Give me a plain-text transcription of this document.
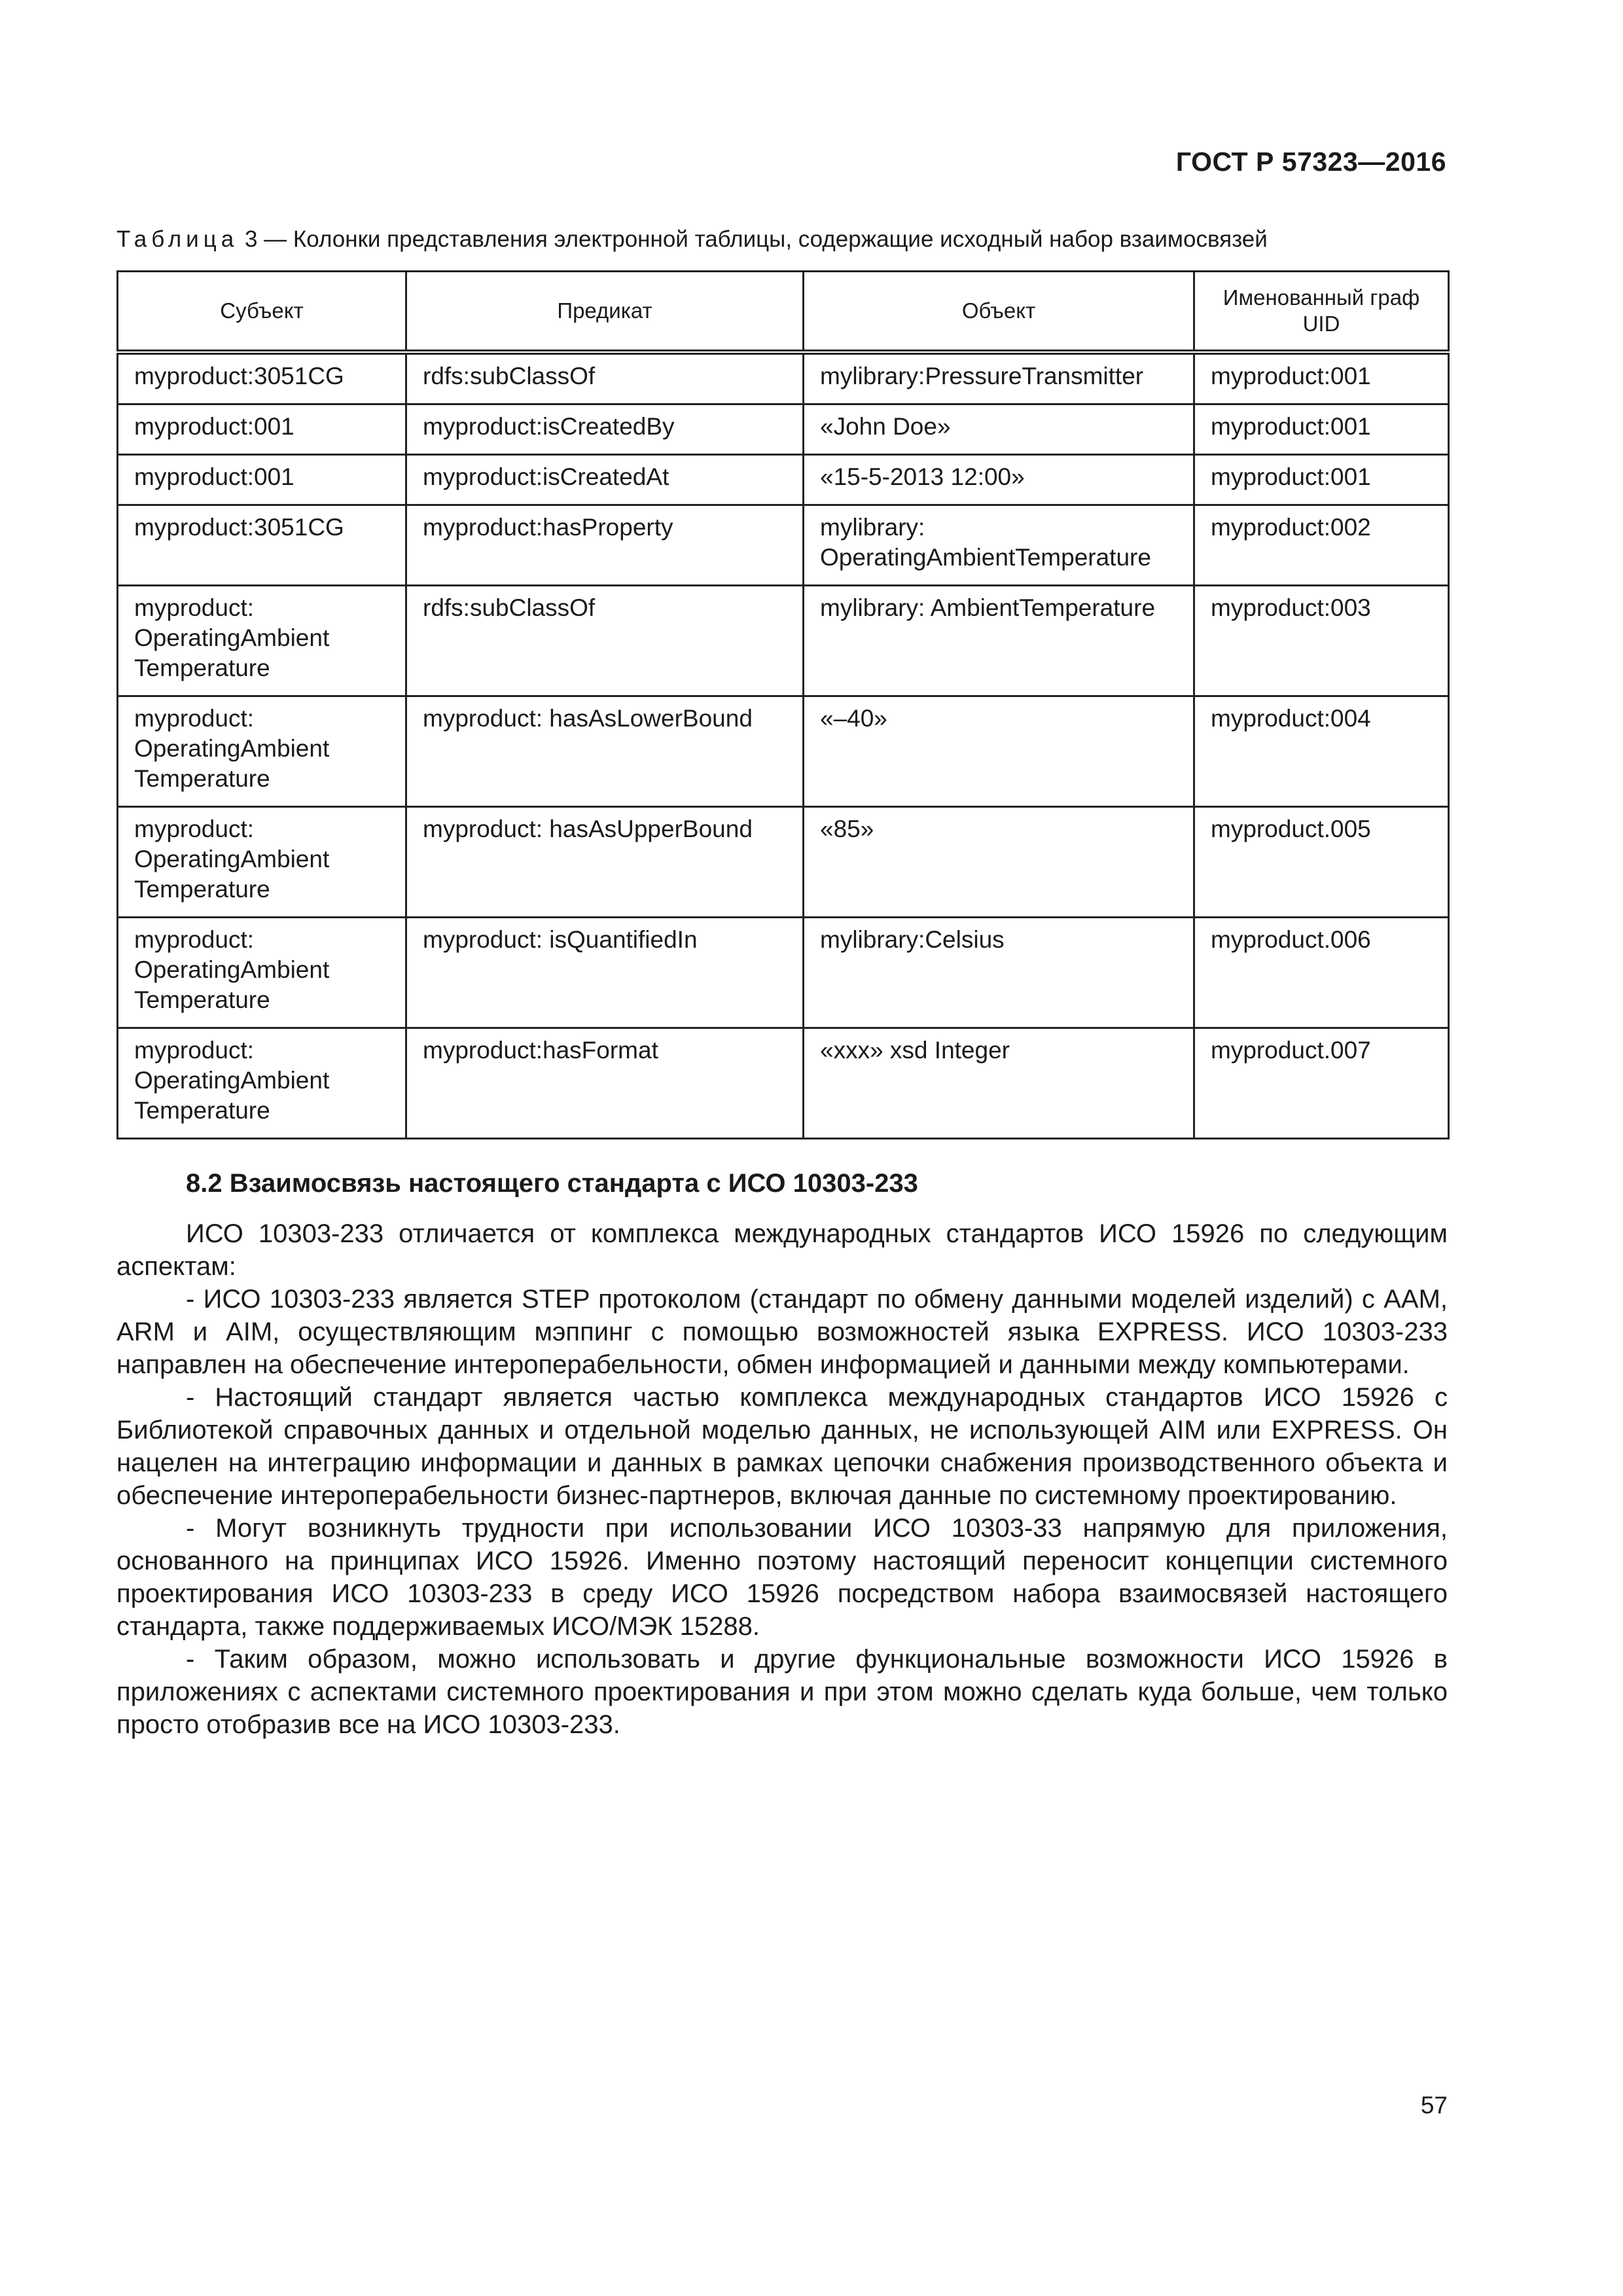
ГОСТ Р 57323—2016
Таблица 3 — Колонки представления электронной таблицы, содержащие исходный набор взаимосвязей
Субъект	Предикат	Объект	Именованный граф UID
myproduct:3051CG	rdfs:subClassOf	mylibrary:PressureTransmitter	myproduct:001
myproduct:001	myproduct:isCreatedBy	«John Doe»	myproduct:001
myproduct:001	myproduct:isCreatedAt	«15-5-2013 12:00»	myproduct:001
myproduct:3051CG	myproduct:hasProperty	mylibrary: OperatingAmbientTemperature	myproduct:002
myproduct: OperatingAmbient Temperature	rdfs:subClassOf	mylibrary: AmbientTemperature	myproduct:003
myproduct: OperatingAmbient Temperature	myproduct: hasAsLowerBound	«–40»	myproduct:004
myproduct: OperatingAmbient Temperature	myproduct: hasAsUpperBound	«85»	myproduct.005
myproduct: OperatingAmbient Temperature	myproduct: isQuantifiedIn	mylibrary:Celsius	myproduct.006
myproduct: OperatingAmbient Temperature	myproduct:hasFormat	«xxx» xsd Integer	myproduct.007
8.2 Взаимосвязь настоящего стандарта с ИСО 10303-233

ИСО 10303-233 отличается от комплекса международных стандартов ИСО 15926 по следующим аспектам:

- ИСО 10303-233 является STEP протоколом (стандарт по обмену данными моделей изделий) с AAM, ARM и AIM, осуществляющим мэппинг с помощью возможностей языка EXPRESS. ИСО 10303-233 направлен на обеспечение интероперабельности, обмен информацией и данными между компьютерами.

- Настоящий стандарт является частью комплекса международных стандартов ИСО 15926 с Библиотекой справочных данных и отдельной моделью данных, не использующей AIM или EXPRESS. Он нацелен на интеграцию информации и данных в рамках цепочки снабжения производственного объекта и обеспечение интероперабельности бизнес-партнеров, включая данные по системному проектированию.

- Могут возникнуть трудности при использовании ИСО 10303-33 напрямую для приложения, основанного на принципах ИСО 15926. Именно поэтому настоящий переносит концепции системного проектирования ИСО 10303-233 в среду ИСО 15926 посредством набора взаимосвязей настоящего стандарта, также поддерживаемых ИСО/МЭК 15288.

- Таким образом, можно использовать и другие функциональные возможности ИСО 15926 в приложениях с аспектами системного проектирования и при этом можно сделать куда больше, чем только просто отобразив все на ИСО 10303-233.

57
